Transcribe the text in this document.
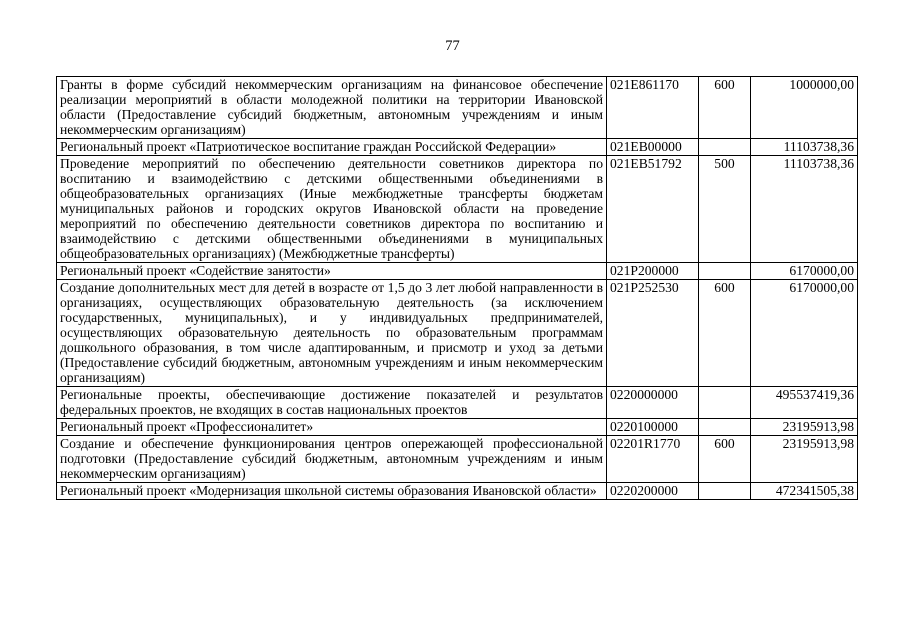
77
Гранты в форме субсидий некоммерческим организациям на финансовое обеспечение реализации мероприятий в области молодежной политики на территории Ивановской области (Предоставление субсидий бюджетным, автономным учреждениям и иным некоммерческим организациям)	021E861170	600	1000000,00
Региональный проект «Патриотическое воспитание граждан Российской Федерации»	021EB00000		11103738,36
Проведение мероприятий по обеспечению деятельности советников директора по воспитанию и взаимодействию с детскими общественными объединениями в общеобразовательных организациях (Иные межбюджетные трансферты бюджетам муниципальных районов и городских округов Ивановской области на проведение мероприятий по обеспечению деятельности советников директора по воспитанию и взаимодействию с детскими общественными объединениями в муниципальных общеобразовательных организациях) (Межбюджетные трансферты)	021EB51792	500	11103738,36
Региональный проект «Содействие занятости»	021P200000		6170000,00
Создание дополнительных мест для детей в возрасте от 1,5 до 3 лет любой направленности в организациях, осуществляющих образовательную деятельность (за исключением государственных, муниципальных), и у индивидуальных предпринимателей, осуществляющих образовательную деятельность по образовательным программам дошкольного образования, в том числе адаптированным, и присмотр и уход за детьми (Предоставление субсидий бюджетным, автономным учреждениям и иным некоммерческим организациям)	021P252530	600	6170000,00
Региональные проекты, обеспечивающие достижение показателей и результатов федеральных проектов, не входящих в состав национальных проектов	0220000000		495537419,36
Региональный проект «Профессионалитет»	0220100000		23195913,98
Создание и обеспечение функционирования центров опережающей профессиональной подготовки (Предоставление субсидий бюджетным, автономным учреждениям и иным некоммерческим организациям)	02201R1770	600	23195913,98
Региональный проект «Модернизация школьной системы образования Ивановской области»	0220200000		472341505,38
